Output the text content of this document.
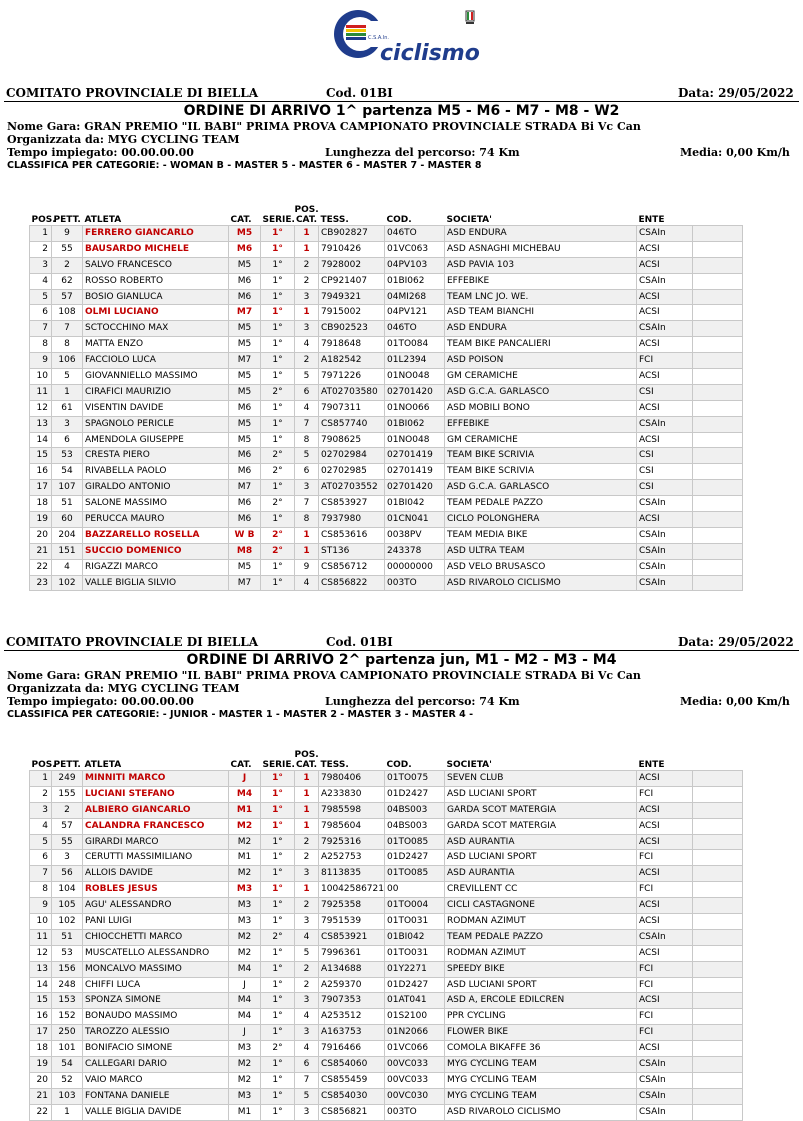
C.S.A.In.
ciclismo
COMITATO PROVINCIALE DI BIELLA	Cod. 01BI	Data: 29/05/2022
ORDINE DI ARRIVO 1^ partenza M5 - M6 - M7 - M8 - W2
Nome Gara: GRAN PREMIO "IL BABI" PRIMA PROVA CAMPIONATO PROVINCIALE STRADA Bi Vc Can
Organizzata da: MYG CYCLING TEAM
Tempo impiegato: 00.00.00.00	Lunghezza del percorso: 74 Km	Media: 0,00 Km/h
CLASSIFICA PER CATEGORIE: - WOMAN B - MASTER 5 - MASTER 6 - MASTER 7 - MASTER 8
POS.	PETT.	ATLETA	CAT.	SERIE.	POS. CAT.	TESS.	COD.	SOCIETA'	ENTE	
1	9	FERRERO GIANCARLO	M5	1°	1	CB902827	046TO	ASD ENDURA	CSAIn	
2	55	BAUSARDO MICHELE	M6	1°	1	7910426	01VC063	ASD ASNAGHI MICHEBAU	ACSI	
3	2	SALVO FRANCESCO	M5	1°	2	7928002	04PV103	ASD PAVIA 103	ACSI	
4	62	ROSSO ROBERTO	M6	1°	2	CP921407	01BI062	EFFEBIKE	CSAIn	
5	57	BOSIO GIANLUCA	M6	1°	3	7949321	04MI268	TEAM LNC JO. WE.	ACSI	
6	108	OLMI LUCIANO	M7	1°	1	7915002	04PV121	ASD TEAM BIANCHI	ACSI	
7	7	SCTOCCHINO MAX	M5	1°	3	CB902523	046TO	ASD ENDURA	CSAIn	
8	8	MATTA ENZO	M5	1°	4	7918648	01TO084	TEAM BIKE PANCALIERI	ACSI	
9	106	FACCIOLO LUCA	M7	1°	2	A182542	01L2394	ASD POISON	FCI	
10	5	GIOVANNIELLO MASSIMO	M5	1°	5	7971226	01NO048	GM CERAMICHE	ACSI	
11	1	CIRAFICI MAURIZIO	M5	2°	6	AT02703580	02701420	ASD G.C.A. GARLASCO	CSI	
12	61	VISENTIN DAVIDE	M6	1°	4	7907311	01NO066	ASD MOBILI BONO	ACSI	
13	3	SPAGNOLO PERICLE	M5	1°	7	CS857740	01BI062	EFFEBIKE	CSAIn	
14	6	AMENDOLA GIUSEPPE	M5	1°	8	7908625	01NO048	GM CERAMICHE	ACSI	
15	53	CRESTA PIERO	M6	2°	5	02702984	02701419	TEAM BIKE SCRIVIA	CSI	
16	54	RIVABELLA PAOLO	M6	2°	6	02702985	02701419	TEAM BIKE SCRIVIA	CSI	
17	107	GIRALDO ANTONIO	M7	1°	3	AT02703552	02701420	ASD G.C.A. GARLASCO	CSI	
18	51	SALONE MASSIMO	M6	2°	7	CS853927	01BI042	TEAM PEDALE PAZZO	CSAIn	
19	60	PERUCCA MAURO	M6	1°	8	7937980	01CN041	CICLO POLONGHERA	ACSI	
20	204	BAZZARELLO ROSELLA	W B	2°	1	CS853616	0038PV	TEAM MEDIA BIKE	CSAIn	
21	151	SUCCIO DOMENICO	M8	2°	1	ST136	243378	ASD ULTRA TEAM	CSAIn	
22	4	RIGAZZI MARCO	M5	1°	9	CS856712	00000000	ASD VELO BRUSASCO	CSAIn	
23	102	VALLE BIGLIA SILVIO	M7	1°	4	CS856822	003TO	ASD RIVAROLO CICLISMO	CSAIn	
COMITATO PROVINCIALE DI BIELLA	Cod. 01BI	Data: 29/05/2022
ORDINE DI ARRIVO 2^ partenza jun, M1 - M2 - M3 - M4
Nome Gara: GRAN PREMIO "IL BABI" PRIMA PROVA CAMPIONATO PROVINCIALE STRADA Bi Vc Can
Organizzata da: MYG CYCLING TEAM
Tempo impiegato: 00.00.00.00	Lunghezza del percorso: 74 Km	Media: 0,00 Km/h
CLASSIFICA PER CATEGORIE: - JUNIOR - MASTER 1 - MASTER 2 - MASTER 3 - MASTER 4 -
POS.	PETT.	ATLETA	CAT.	SERIE.	POS. CAT.	TESS.	COD.	SOCIETA'	ENTE	
1	249	MINNITI MARCO	J	1°	1	7980406	01TO075	SEVEN CLUB	ACSI	
2	155	LUCIANI STEFANO	M4	1°	1	A233830	01D2427	ASD LUCIANI SPORT	FCI	
3	2	ALBIERO GIANCARLO	M1	1°	1	7985598	04BS003	GARDA SCOT MATERGIA	ACSI	
4	57	CALANDRA FRANCESCO	M2	1°	1	7985604	04BS003	GARDA SCOT MATERGIA	ACSI	
5	55	GIRARDI MARCO	M2	1°	2	7925316	01TO085	ASD AURANTIA	ACSI	
6	3	CERUTTI MASSIMILIANO	M1	1°	2	A252753	01D2427	ASD LUCIANI SPORT	FCI	
7	56	ALLOIS DAVIDE	M2	1°	3	8113835	01TO085	ASD AURANTIA	ACSI	
8	104	ROBLES JESUS	M3	1°	1	10042586721	00	CREVILLENT CC	FCI	
9	105	AGU' ALESSANDRO	M3	1°	2	7925358	01TO004	CICLI CASTAGNONE	ACSI	
10	102	PANI LUIGI	M3	1°	3	7951539	01TO031	RODMAN AZIMUT	ACSI	
11	51	CHIOCCHETTI MARCO	M2	2°	4	CS853921	01BI042	TEAM PEDALE PAZZO	CSAIn	
12	53	MUSCATELLO ALESSANDRO	M2	1°	5	7996361	01TO031	RODMAN AZIMUT	ACSI	
13	156	MONCALVO MASSIMO	M4	1°	2	A134688	01Y2271	SPEEDY BIKE	FCI	
14	248	CHIFFI LUCA	J	1°	2	A259370	01D2427	ASD LUCIANI SPORT	FCI	
15	153	SPONZA SIMONE	M4	1°	3	7907353	01AT041	ASD A, ERCOLE EDILCREN	ACSI	
16	152	BONAUDO MASSIMO	M4	1°	4	A253512	01S2100	PPR CYCLING	FCI	
17	250	TAROZZO ALESSIO	J	1°	3	A163753	01N2066	FLOWER BIKE	FCI	
18	101	BONIFACIO SIMONE	M3	2°	4	7916466	01VC066	COMOLA BIKAFFE 36	ACSI	
19	54	CALLEGARI DARIO	M2	1°	6	CS854060	00VC033	MYG CYCLING TEAM	CSAIn	
20	52	VAIO MARCO	M2	1°	7	CS855459	00VC033	MYG CYCLING TEAM	CSAIn	
21	103	FONTANA DANIELE	M3	1°	5	CS854030	00VC030	MYG CYCLING TEAM	CSAIn	
22	1	VALLE BIGLIA DAVIDE	M1	1°	3	CS856821	003TO	ASD RIVAROLO CICLISMO	CSAIn	
